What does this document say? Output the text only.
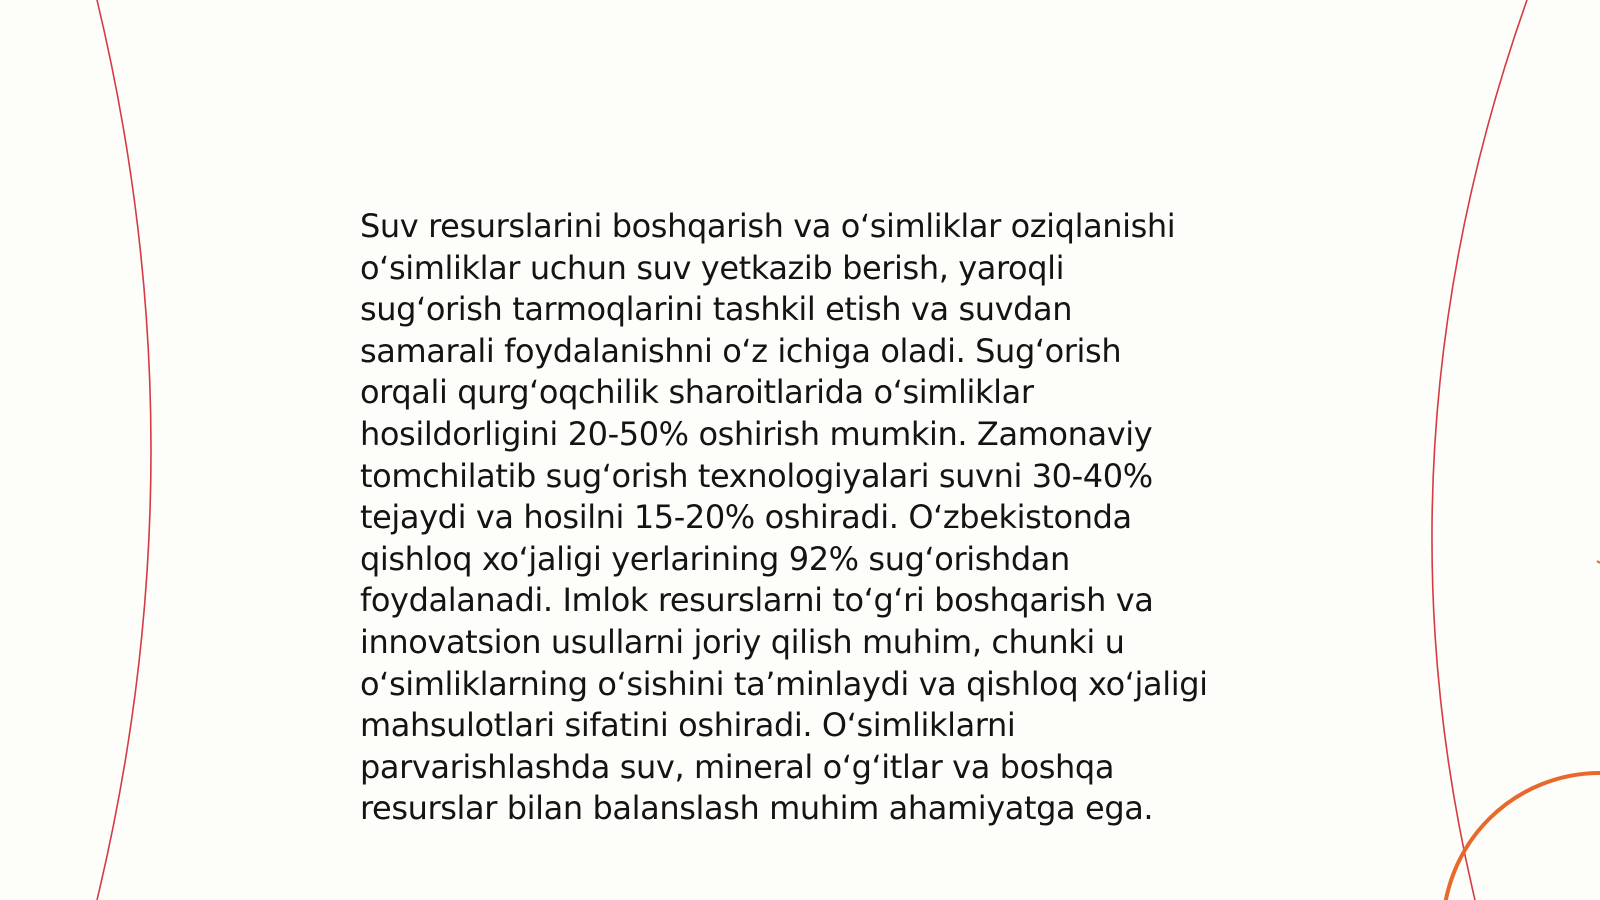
Suv resurslarini boshqarish va oʻsimliklar oziqlanishi
oʻsimliklar uchun suv yetkazib berish, yaroqli
sugʻorish tarmoqlarini tashkil etish va suvdan
samarali foydalanishni oʻz ichiga oladi. Sugʻorish
orqali qurgʻoqchilik sharoitlarida oʻsimliklar
hosildorligini 20-50% oshirish mumkin. Zamonaviy
tomchilatib sugʻorish texnologiyalari suvni 30-40%
tejaydi va hosilni 15-20% oshiradi. Oʻzbekistonda
qishloq xoʻjaligi yerlarining 92% sugʻorishdan
foydalanadi. Imlok resurslarni toʻgʻri boshqarish va
innovatsion usullarni joriy qilish muhim, chunki u
oʻsimliklarning oʻsishini taʼminlaydi va qishloq xoʻjaligi
mahsulotlari sifatini oshiradi. Oʻsimliklarni
parvarishlashda suv, mineral oʻgʻitlar va boshqa
resurslar bilan balanslash muhim ahamiyatga ega.
